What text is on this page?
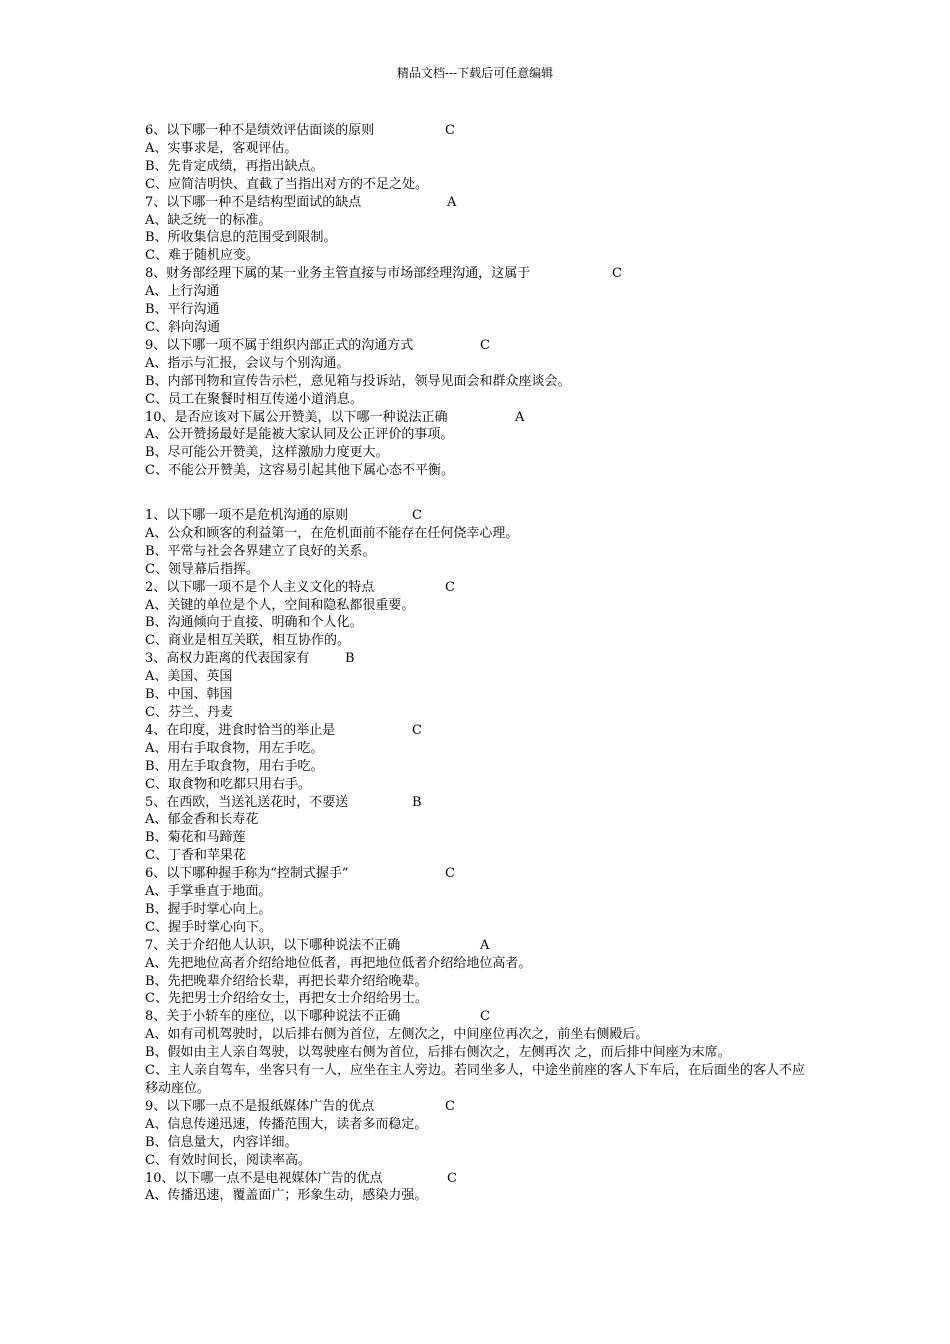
精品文档---下载后可任意编辑
6、以下哪一种不是绩效评估面谈的原则	C
A、实事求是，客观评估。
B、先肯定成绩，再指出缺点。
C、应简洁明快、直截了当指出对方的不足之处。
7、以下哪一种不是结构型面试的缺点	A
A、缺乏统一的标准。
B、所收集信息的范围受到限制。
C、难于随机应变。
8、财务部经理下属的某一业务主管直接与市场部经理沟通，这属于	C
A、上行沟通
B、平行沟通
C、斜向沟通
9、以下哪一项不属于组织内部正式的沟通方式	C
A、指示与汇报，会议与个别沟通。
B、内部刊物和宣传告示栏，意见箱与投诉站，领导见面会和群众座谈会。
C、员工在聚餐时相互传递小道消息。
10、是否应该对下属公开赞美，以下哪一种说法正确	A
A、公开赞扬最好是能被大家认同及公正评价的事项。
B、尽可能公开赞美，这样激励力度更大。
C、不能公开赞美，这容易引起其他下属心态不平衡。
1、以下哪一项不是危机沟通的原则	C
A、公众和顾客的利益第一，在危机面前不能存在任何侥幸心理。
B、平常与社会各界建立了良好的关系。
C、领导幕后指挥。
2、以下哪一项不是个人主义文化的特点	C
A、关键的单位是个人，空间和隐私都很重要。
B、沟通倾向于直接、明确和个人化。
C、商业是相互关联，相互协作的。
3、高权力距离的代表国家有	B
A、美国、英国
B、中国、韩国
C、芬兰、丹麦
4、在印度，进食时恰当的举止是	C
A、用右手取食物，用左手吃。
B、用左手取食物，用右手吃。
C、取食物和吃都只用右手。
5、在西欧，当送礼送花时，不要送	B
A、郁金香和长寿花
B、菊花和马蹄莲
C、丁香和苹果花
6、以下哪种握手称为“控制式握手”	C
A、手掌垂直于地面。
B、握手时掌心向上。
C、握手时掌心向下。
7、关于介绍他人认识，以下哪种说法不正确	A
A、先把地位高者介绍给地位低者，再把地位低者介绍给地位高者。
B、先把晚辈介绍给长辈，再把长辈介绍给晚辈。
C、先把男士介绍给女士，再把女士介绍给男士。
8、关于小轿车的座位，以下哪种说法不正确	C
A、如有司机驾驶时，以后排右侧为首位，左侧次之，中间座位再次之，前坐右侧殿后。
B、假如由主人亲自驾驶，以驾驶座右侧为首位，后排右侧次之，左侧再次 之，而后排中间座为末席。
C、主人亲自驾车，坐客只有一人，应坐在主人旁边。若同坐多人，中途坐前座的客人下车后，在后面坐的客人不应移动座位。
9、以下哪一点不是报纸媒体广告的优点	C
A、信息传递迅速，传播范围大，读者多而稳定。
B、信息量大，内容详细。
C、有效时间长，阅读率高。
10、以下哪一点不是电视媒体广告的优点	C
A、传播迅速，覆盖面广；形象生动，感染力强。
